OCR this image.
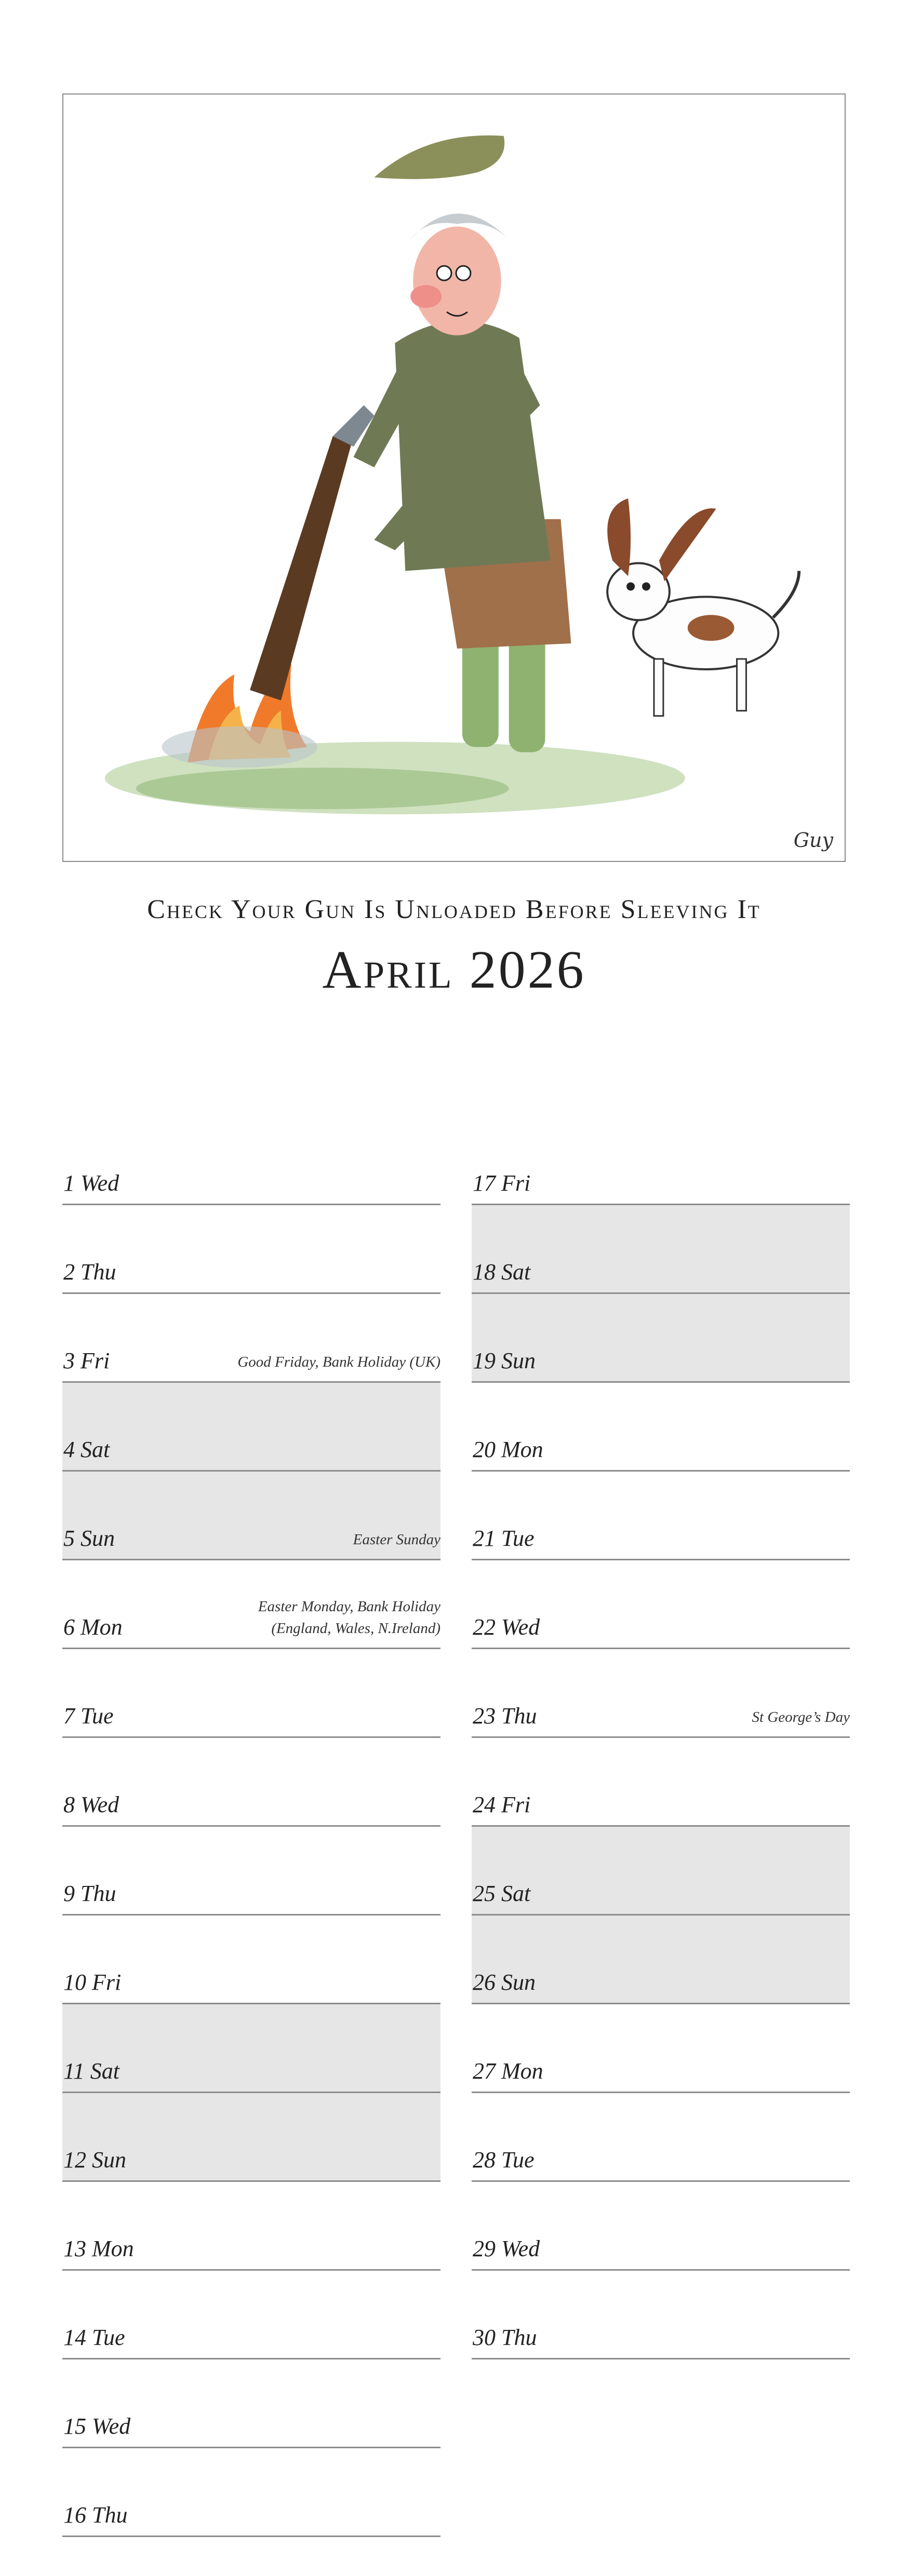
Guy
Check Your Gun Is Unloaded Before Sleeving It
April 2026
1 Wed
2 Thu
3 Fri	Good Friday, Bank Holiday (UK)
4 Sat
5 Sun	Easter Sunday
6 Mon
Easter Monday, Bank Holiday
(England, Wales, N.Ireland)
7 Tue
8 Wed
9 Thu
10 Fri
11 Sat
12 Sun
13 Mon
14 Tue
15 Wed
16 Thu
17 Fri
18 Sat
19 Sun
20 Mon
21 Tue
22 Wed
23 Thu	St George’s Day
24 Fri
25 Sat
26 Sun
27 Mon
28 Tue
29 Wed
30 Thu
